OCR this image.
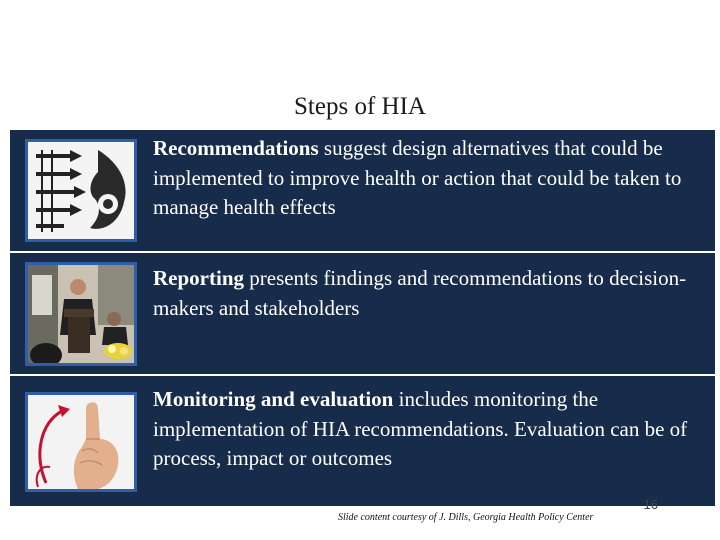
Steps of HIA
Recommendations suggest design alternatives that could be implemented to improve health or action that could be taken to manage health effects
Reporting presents findings and recommendations to decision-makers and stakeholders
Monitoring and evaluation includes monitoring the implementation of HIA recommendations. Evaluation can be of process, impact or outcomes
16
Slide content courtesy of J. Dills, Georgia Health Policy Center
